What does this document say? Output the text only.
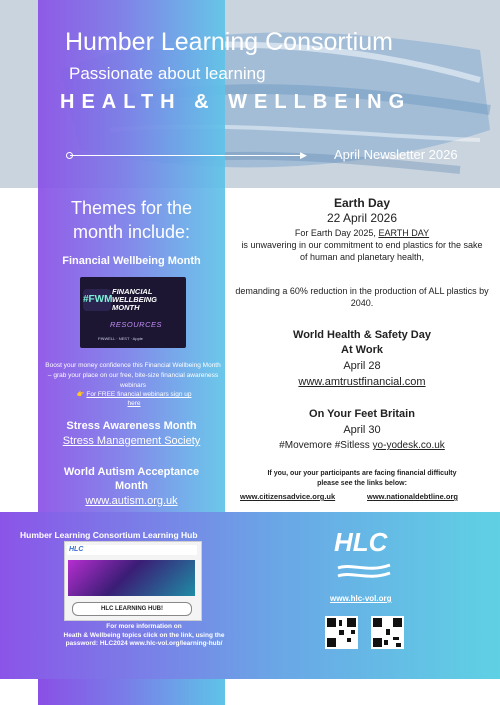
Humber Learning Consortium
Passionate about learning
HEALTH & WELLBEING
▶ April Newsletter 2026
Themes for the month include:
Financial Wellbeing Month
#FWM
FINANCIAL
WELLBEING
MONTH
RESOURCES
FINWELL · NEST · Apple
Boost your money confidence this Financial Wellbeing Month – grab your place on our free, bite-size financial awareness webinars
👉 For FREE financial webinars sign up here
Stress Awareness Month
Stress Management Society
World Autism Acceptance Month
www.autism.org.uk
Earth Day
22 April 2026
For Earth Day 2025, EARTH DAY
is unwavering in our commitment to end plastics for the sake of human and planetary health,
demanding a 60% reduction in the production of ALL plastics by 2040.
World Health & Safety Day
At Work
April 28
www.amtrustfinancial.com
On Your Feet Britain
April 30
#Movemore #Sitless yo-yodesk.co.uk
If you, our your participants are facing financial difficulty
please see the links below:
www.citizensadvice.org.uk	www.nationaldebtline.org
Humber Learning Consortium Learning Hub
HLC
HLC LEARNING HUB!
For more information on
Heath & Wellbeing topics click on the link, using the
password: HLC2024 www.hlc-vol.org/learning-hub/
HLC
www.hlc-vol.org
